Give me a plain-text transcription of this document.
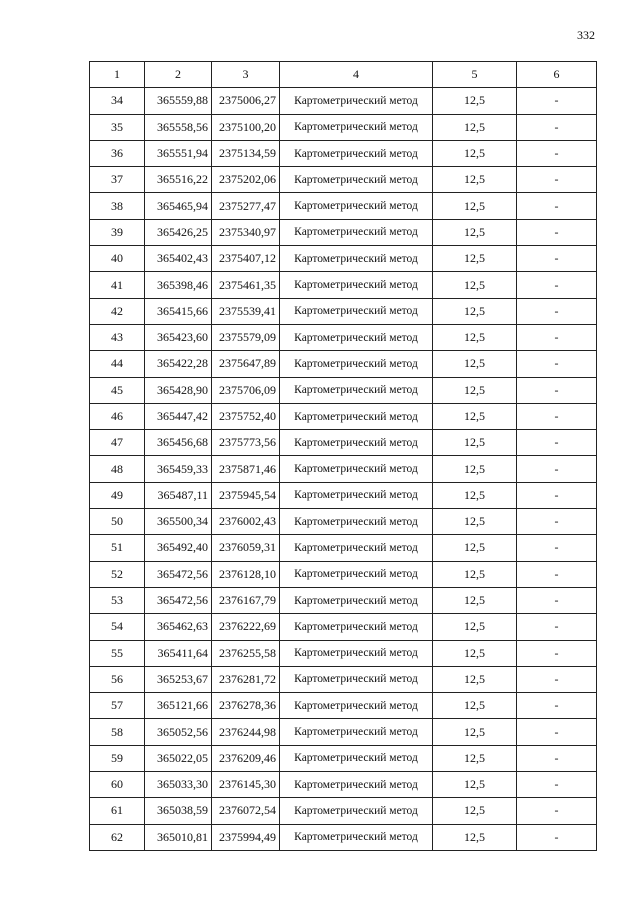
332
1	2	3	4	5	6
34	365559,88	2375006,27	Картометрический метод	12,5	-
35	365558,56	2375100,20	Картометрический метод	12,5	-
36	365551,94	2375134,59	Картометрический метод	12,5	-
37	365516,22	2375202,06	Картометрический метод	12,5	-
38	365465,94	2375277,47	Картометрический метод	12,5	-
39	365426,25	2375340,97	Картометрический метод	12,5	-
40	365402,43	2375407,12	Картометрический метод	12,5	-
41	365398,46	2375461,35	Картометрический метод	12,5	-
42	365415,66	2375539,41	Картометрический метод	12,5	-
43	365423,60	2375579,09	Картометрический метод	12,5	-
44	365422,28	2375647,89	Картометрический метод	12,5	-
45	365428,90	2375706,09	Картометрический метод	12,5	-
46	365447,42	2375752,40	Картометрический метод	12,5	-
47	365456,68	2375773,56	Картометрический метод	12,5	-
48	365459,33	2375871,46	Картометрический метод	12,5	-
49	365487,11	2375945,54	Картометрический метод	12,5	-
50	365500,34	2376002,43	Картометрический метод	12,5	-
51	365492,40	2376059,31	Картометрический метод	12,5	-
52	365472,56	2376128,10	Картометрический метод	12,5	-
53	365472,56	2376167,79	Картометрический метод	12,5	-
54	365462,63	2376222,69	Картометрический метод	12,5	-
55	365411,64	2376255,58	Картометрический метод	12,5	-
56	365253,67	2376281,72	Картометрический метод	12,5	-
57	365121,66	2376278,36	Картометрический метод	12,5	-
58	365052,56	2376244,98	Картометрический метод	12,5	-
59	365022,05	2376209,46	Картометрический метод	12,5	-
60	365033,30	2376145,30	Картометрический метод	12,5	-
61	365038,59	2376072,54	Картометрический метод	12,5	-
62	365010,81	2375994,49	Картометрический метод	12,5	-
